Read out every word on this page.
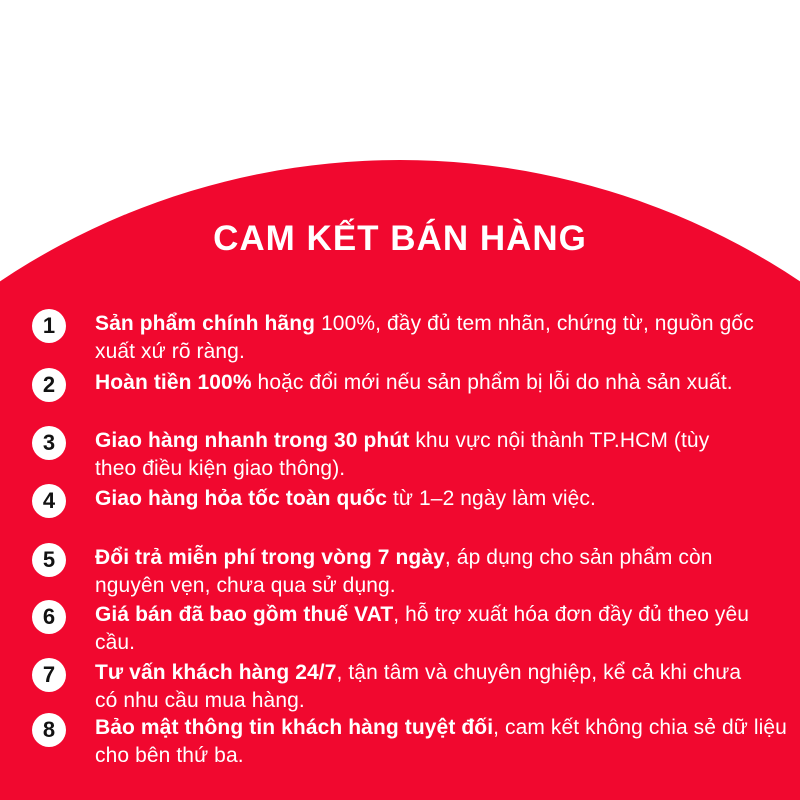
CAM KẾT BÁN HÀNG
1 Sản phẩm chính hãng 100%, đầy đủ tem nhãn, chứng từ, nguồn gốc xuất xứ rõ ràng.

2 Hoàn tiền 100% hoặc đổi mới nếu sản phẩm bị lỗi do nhà sản xuất.

3 Giao hàng nhanh trong 30 phút khu vực nội thành TP.HCM (tùy theo điều kiện giao thông).

4 Giao hàng hỏa tốc toàn quốc từ 1–2 ngày làm việc.

5 Đổi trả miễn phí trong vòng 7 ngày, áp dụng cho sản phẩm còn nguyên vẹn, chưa qua sử dụng.

6 Giá bán đã bao gồm thuế VAT, hỗ trợ xuất hóa đơn đầy đủ theo yêu cầu.

7 Tư vấn khách hàng 24/7, tận tâm và chuyên nghiệp, kể cả khi chưa có nhu cầu mua hàng.

8 Bảo mật thông tin khách hàng tuyệt đối, cam kết không chia sẻ dữ liệu cho bên thứ ba.
